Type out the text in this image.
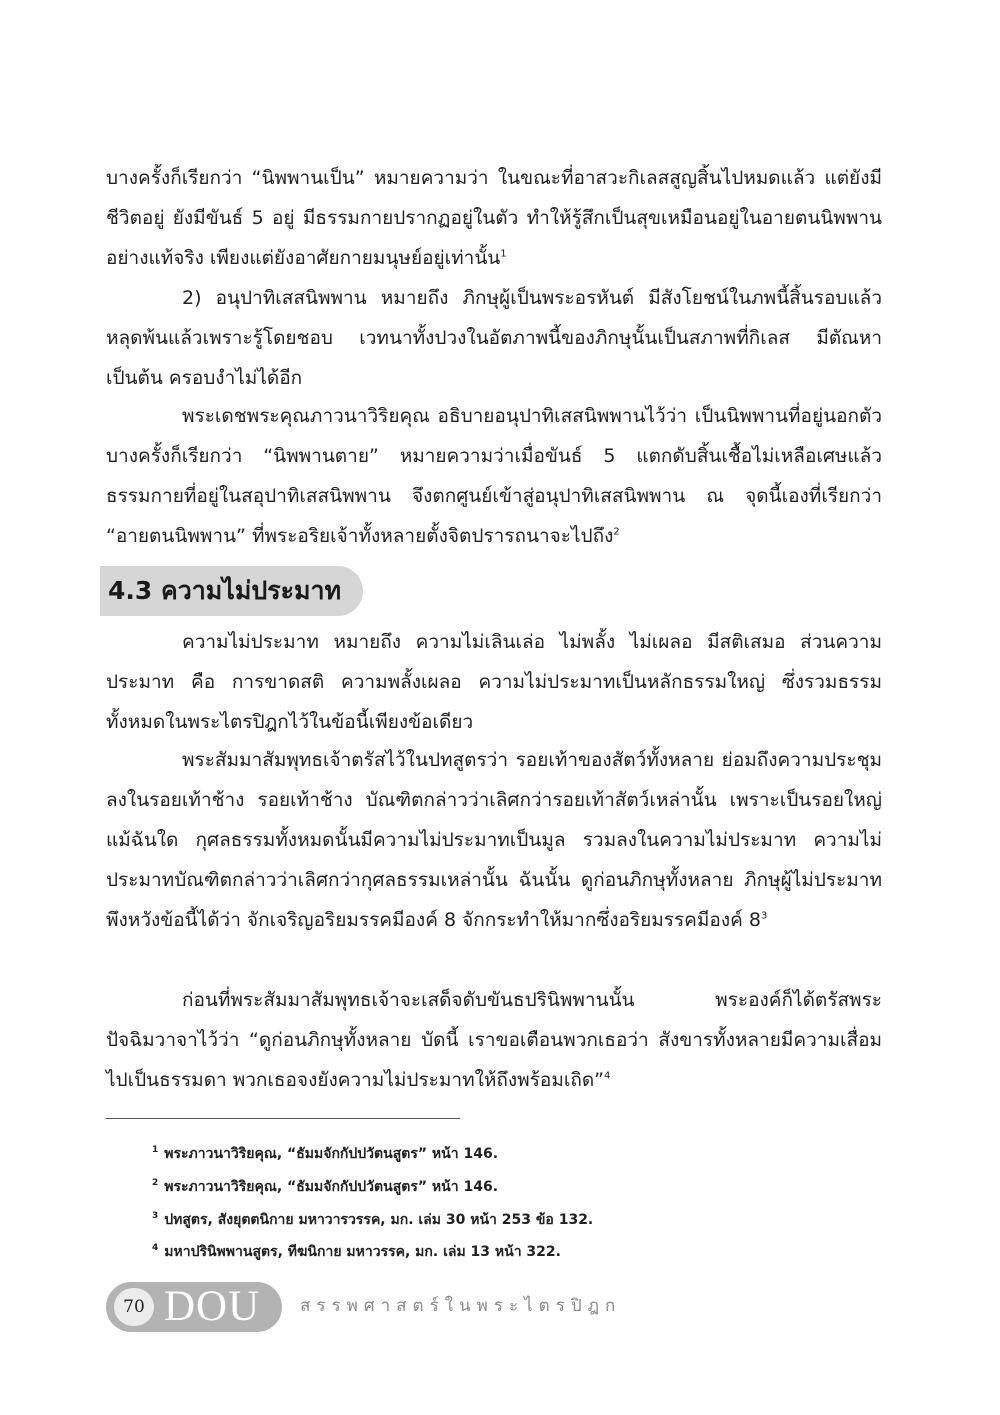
บางครั้งก็เรียกว่า “นิพพานเป็น” หมายความว่า ในขณะที่อาสวะกิเลสสูญสิ้นไปหมดแล้ว แต่ยังมีชีวิตอยู่ ยังมีขันธ์ 5 อยู่ มีธรรมกายปรากฏอยู่ในตัว ทำให้รู้สึกเป็นสุขเหมือนอยู่ในอายตนนิพพานอย่างแท้จริง เพียงแต่ยังอาศัยกายมนุษย์อยู่เท่านั้น$^1$

2) อนุปาทิเสสนิพพาน หมายถึง ภิกษุผู้เป็นพระอรหันต์ มีสังโยชน์ในภพนี้สิ้นรอบแล้ว หลุดพ้นแล้วเพราะรู้โดยชอบ เวทนาทั้งปวงในอัตภาพนี้ของภิกษุนั้นเป็นสภาพที่กิเลส มีตัณหาเป็นต้น ครอบงำไม่ได้อีก

พระเดชพระคุณภาวนาวิริยคุณ อธิบายอนุปาทิเสสนิพพานไว้ว่า เป็นนิพพานที่อยู่นอกตัว บางครั้งก็เรียกว่า “นิพพานตาย” หมายความว่าเมื่อขันธ์ 5 แตกดับสิ้นเชื้อไม่เหลือเศษแล้ว ธรรมกายที่อยู่ในสอุปาทิเสสนิพพาน จึงตกศูนย์เข้าสู่อนุปาทิเสสนิพพาน ณ จุดนี้เองที่เรียกว่า “อายตนนิพพาน” ที่พระอริยเจ้าทั้งหลายตั้งจิตปรารถนาจะไปถึง$^2$

4.3 ความไม่ประมาท

ความไม่ประมาท หมายถึง ความไม่เลินเล่อ ไม่พลั้ง ไม่เผลอ มีสติเสมอ ส่วนความประมาท คือ การขาดสติ ความพลั้งเผลอ ความไม่ประมาทเป็นหลักธรรมใหญ่ ซึ่งรวมธรรมทั้งหมดในพระไตรปิฎกไว้ในข้อนี้เพียงข้อเดียว

พระสัมมาสัมพุทธเจ้าตรัสไว้ในปทสูตรว่า รอยเท้าของสัตว์ทั้งหลาย ย่อมถึงความประชุมลงในรอยเท้าช้าง รอยเท้าช้าง บัณฑิตกล่าวว่าเลิศกว่ารอยเท้าสัตว์เหล่านั้น เพราะเป็นรอยใหญ่ แม้ฉันใด กุศลธรรมทั้งหมดนั้นมีความไม่ประมาทเป็นมูล รวมลงในความไม่ประมาท ความไม่ประมาทบัณฑิตกล่าวว่าเลิศกว่ากุศลธรรมเหล่านั้น ฉันนั้น ดูก่อนภิกษุทั้งหลาย ภิกษุผู้ไม่ประมาทพึงหวังข้อนี้ได้ว่า จักเจริญอริยมรรคมีองค์ 8 จักกระทำให้มากซึ่งอริยมรรคมีองค์ $8^3$

ก่อนที่พระสัมมาสัมพุทธเจ้าจะเสด็จดับขันธปรินิพพานนั้น พระองค์ก็ได้ตรัสพระปัจฉิมวาจาไว้ว่า “ดูก่อนภิกษุทั้งหลาย บัดนี้ เราขอเตือนพวกเธอว่า สังขารทั้งหลายมีความเสื่อมไปเป็นธรรมดา พวกเธอจงยังความไม่ประมาทให้ถึงพร้อมเถิด”$^4$

$^1$ พระภาวนาวิริยคุณ, “ธัมมจักกัปปวัตนสูตร” หน้า 146.
$^2$ พระภาวนาวิริยคุณ, “ธัมมจักกัปปวัตนสูตร” หน้า 146.
$^3$ ปทสูตร, สังยุตตนิกาย มหาวารวรรค, มก. เล่ม 30 หน้า 253 ข้อ 132.
$^4$ มหาปรินิพพานสูตร, ทีฆนิกาย มหาวรรค, มก. เล่ม 13 หน้า 322.
70 DOU สรรพศาสตร์ในพระไตรปิฎก
